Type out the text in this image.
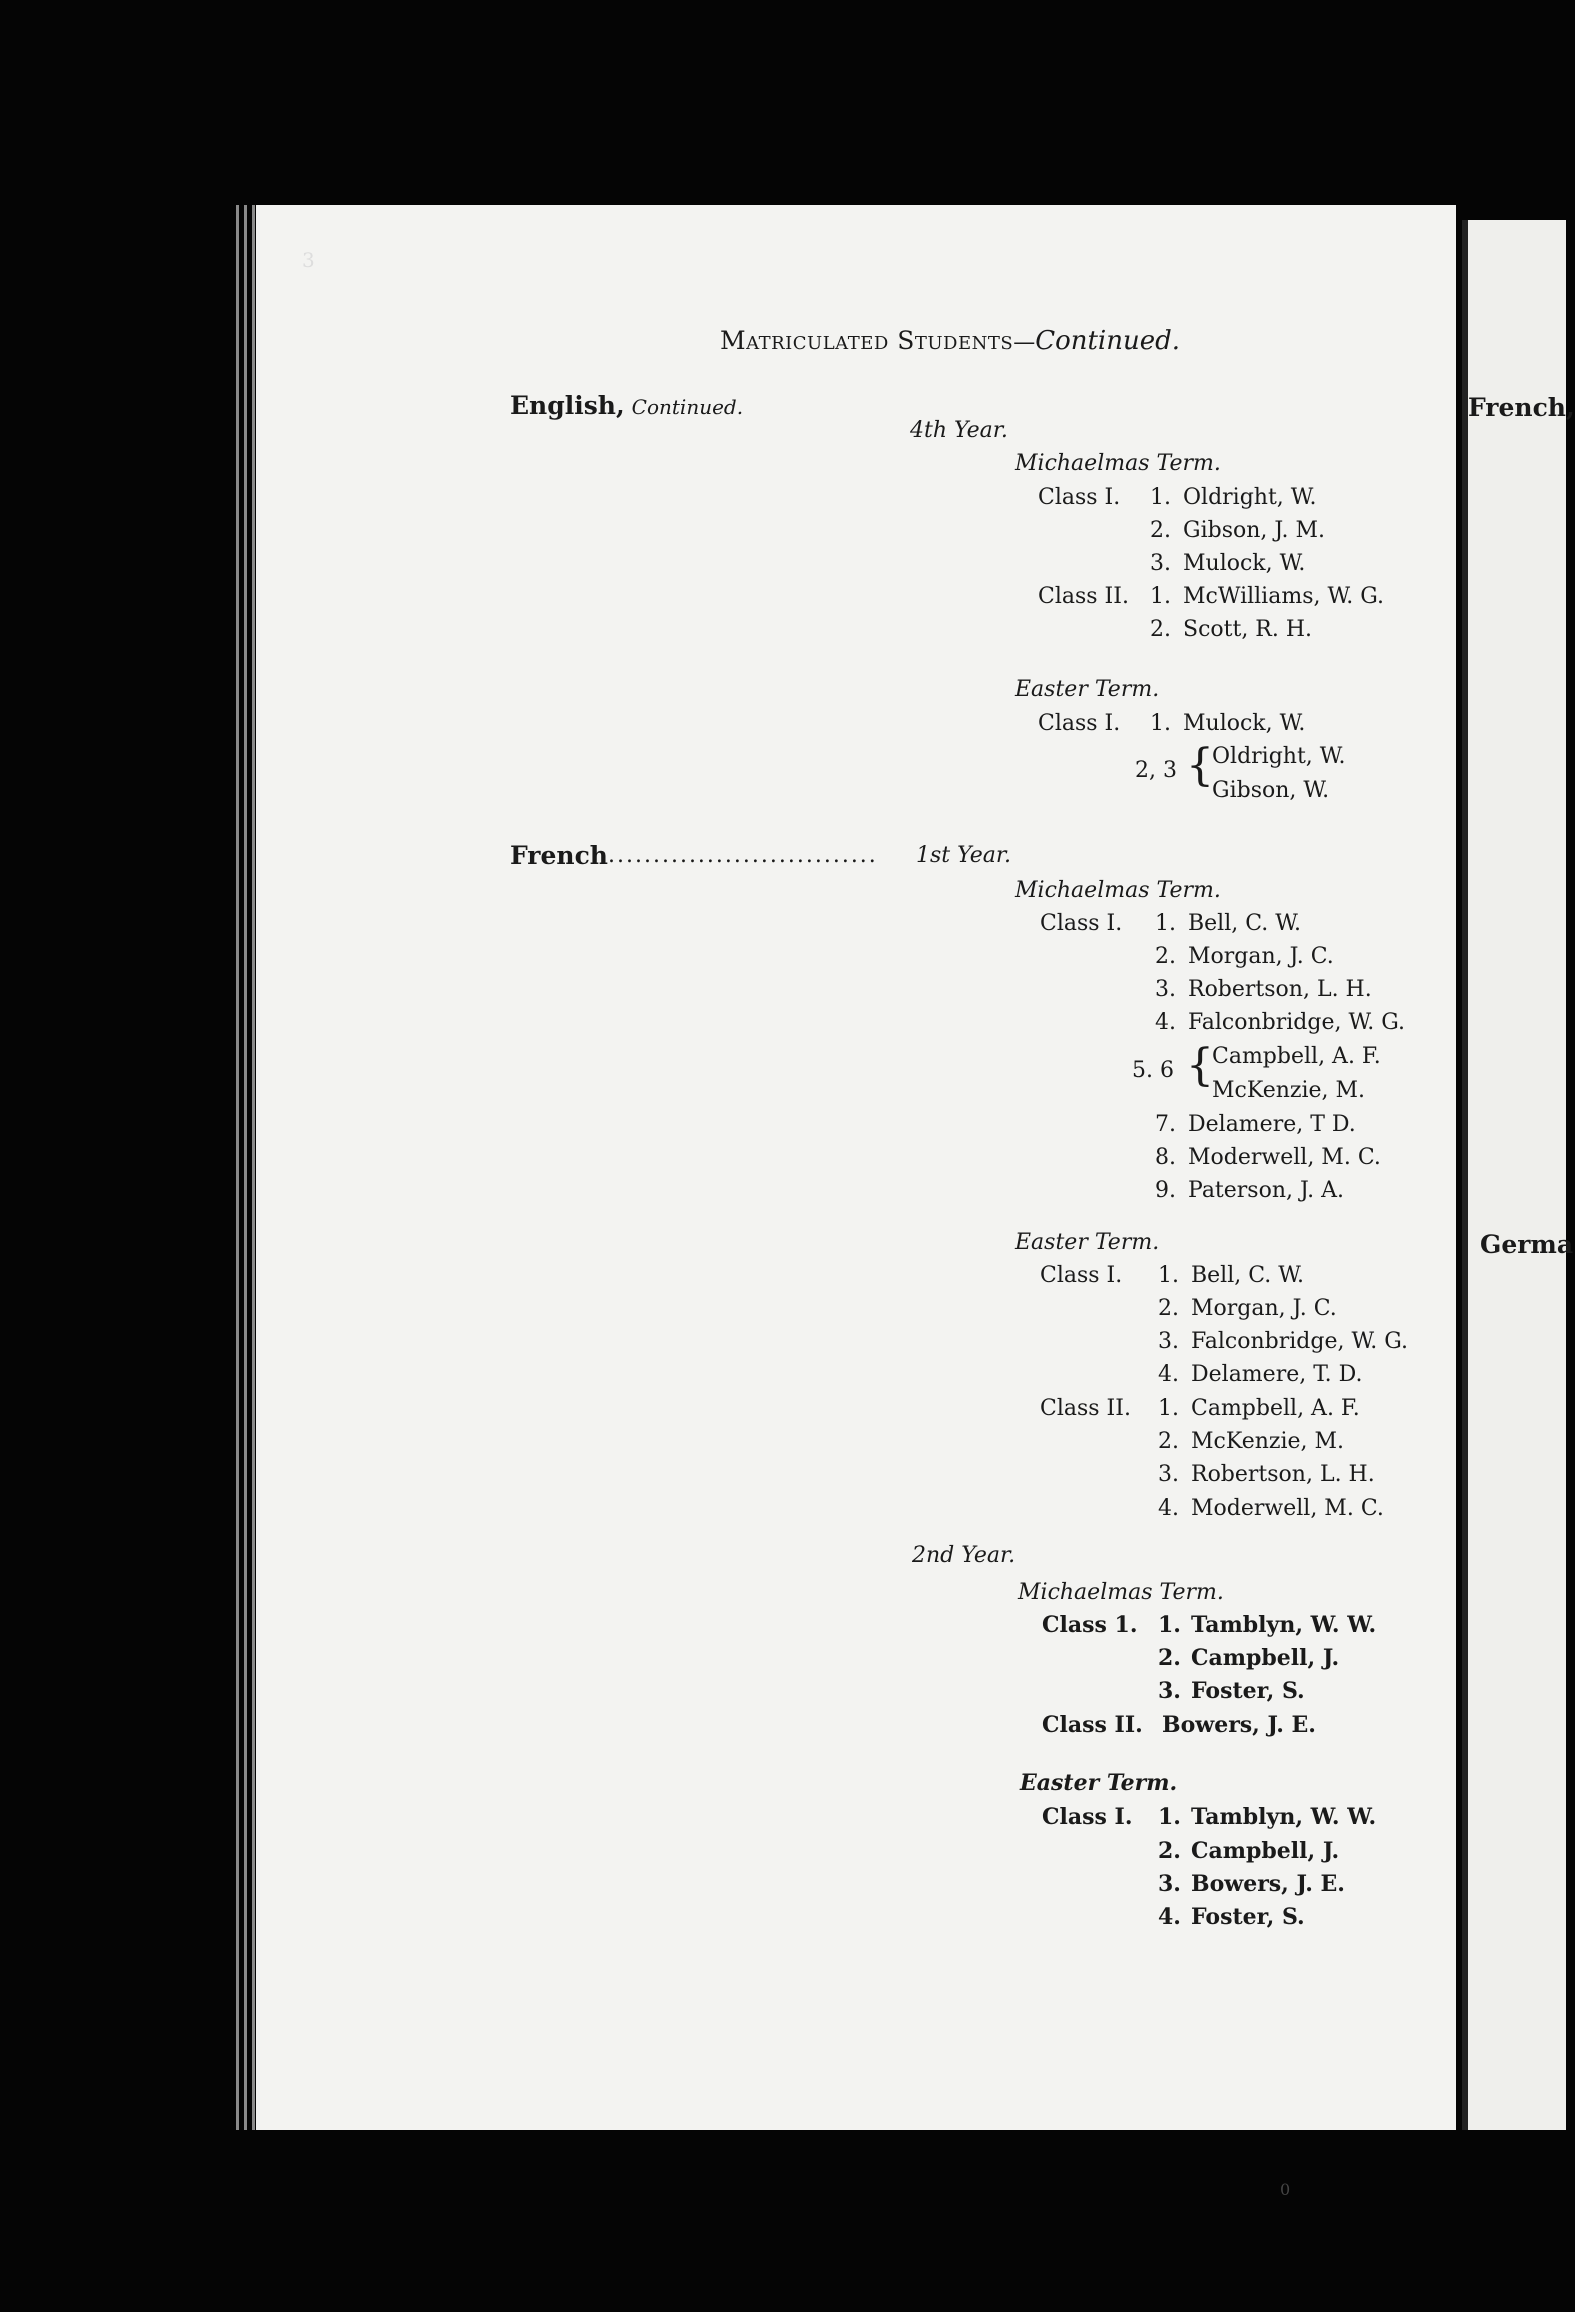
3
0
Matriculated Students—Continued.
English, Continued.
4th Year.
Michaelmas Term.
Class I. 1. Oldright, W.
2. Gibson, J. M.
3. Mulock, W.
Class II. 1. McWilliams, W. G.
2. Scott, R. H.
Easter Term.
Class I. 1. Mulock, W.
2, 3 {
Oldright, W.
Gibson, W.
French .............................. 1st Year.
Michaelmas Term.
Class I. 1. Bell, C. W.
2. Morgan, J. C.
3. Robertson, L. H.
4. Falconbridge, W. G.
5. 6 {
Campbell, A. F.
McKenzie, M.
7. Delamere, T D.
8. Moderwell, M. C.
9. Paterson, J. A.
Easter Term.
Class I. 1. Bell, C. W.
2. Morgan, J. C.
3. Falconbridge, W. G.
4. Delamere, T. D.
Class II. 1. Campbell, A. F.
2. McKenzie, M.
3. Robertson, L. H.
4. Moderwell, M. C.
2nd Year.
Michaelmas Term.
Class 1. 1. Tamblyn, W. W.
2. Campbell, J.
3. Foster, S.
Class II. Bowers, J. E.
Easter Term.
Class I. 1. Tamblyn, W. W.
2. Campbell, J.
3. Bowers, J. E.
4. Foster, S.
French,
Germa
